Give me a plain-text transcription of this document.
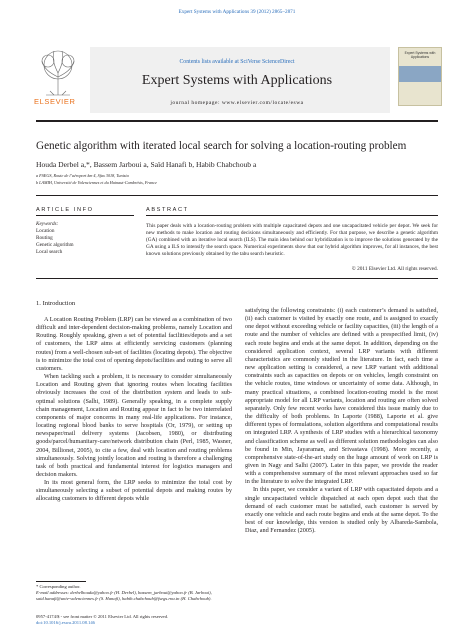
Expert Systems with Applications 39 (2012) 2865–2871
ELSEVIER
Contents lists available at SciVerse ScienceDirect
Expert Systems with Applications
journal homepage: www.elsevier.com/locate/eswa
Expert Systems with Applications
Genetic algorithm with iterated local search for solving a location-routing problem
Houda Derbel a,*, Bassem Jarboui a, Saïd Hanafi b, Habib Chabchoub a
a FSEGS, Route de l’aéroport km 4, Sfax 3018, Tunisia
b LAMIH, Université de Valenciennes et du Hainaut-Cambrésis, France
ARTICLE INFO
Keywords:
Location
Routing
Genetic algorithm
Local search
ABSTRACT
This paper deals with a location-routing problem with multiple capacitated depots and one uncapacitated vehicle per depot. We seek for new methods to make location and routing decisions simultaneously and efficiently. For that purpose, we describe a genetic algorithm (GA) combined with an iterative local search (ILS). The main idea behind our hybridization is to improve the solutions generated by the GA using a ILS to intensify the search space. Numerical experiments show that our hybrid algorithm improves, for all instances, the best known solutions previously obtained by the tabu search heuristic.
© 2011 Elsevier Ltd. All rights reserved.
1. Introduction

A Location Routing Problem (LRP) can be viewed as a combination of two difficult and inter-dependent decision-making problems, namely Location and Routing. Roughly speaking, given a set of potential facilities/depots and a set of customers, the LRP aims at efficiently servicing customers (planning routes) from a well-chosen sub-set of facilities (locating depots). The objective is to minimize the total cost of opening depots/facilities and outing to serve all customers.

When tackling such a problem, it is necessary to consider simultaneously Location and Routing given that ignoring routes when locating facilities obviously increases the cost of the distribution system and leads to sub-optimal solutions (Salhi, 1989). Generally speaking, in a complete supply chain management, Location and Routing appear in fact to be two interrelated components of major concerns in many real-life applications. For instance, locating regional blood banks to serve hospitals (Or, 1979), or setting up newspaper/mail delivery systems (Jacobsen, 1980), or distributing goods/parcel/humanitary-care/network distribution chain (Perl, 1985, Wasner, 2004, Billionet, 2005), to cite a few, deal with location and routing problems simultaneously. Solving jointly location and routing is therefore a challenging task of both practical and fundamental interest for logistics managers and decision makers.

In its most general form, the LRP seeks to minimize the total cost by simultaneously selecting a subset of potential depots and making routes by allocating customers to different depots while

* Corresponding author.
E-mail addresses: derbelhouda@yahoo.fr (H. Derbel), bassem_jarboui@yahoo.fr (B. Jarboui), said.hanafi@univ-valenciennes.fr (S. Hanafi), habib.chabchoub@fsegs.rnu.tn (H. Chabchoub).
0957-4174/$ - see front matter © 2011 Elsevier Ltd. All rights reserved.
doi:10.1016/j.eswa.2011.08.146

satisfying the following constraints: (i) each customer’s demand is satisfied, (ii) each customer is visited by exactly one route, and is assigned to exactly one depot without exceeding vehicle or facility capacities, (iii) the length of a route and the number of vehicles are defined with a prespecified limit, (iv) each route begins and ends at the same depot. In addition, depending on the considered application context, several LRP variants with different characteristics are commonly studied in the literature. In fact, each time a new application setting is considered, a new LRP variant with additional constraints such as capacities on depots or on vehicles, length constraint on the vehicle routes, time windows or uncertainty of some data. Although, in many practical situations, a combined location-routing model is the most appropriate model for all LRP variants, location and routing are often solved separately. Only few recent works have considered this issue mainly due to the difficulty of both problems. In Laporte (1988), Laporte et al. give different types of formulations, solution algorithms and computational results on integrated LRP. A synthesis of LRP studies with a hierarchical taxonomy and classification scheme as well as different solution methodologies can also be found in Min, Jayaraman, and Srivastava (1998). More recently, a comprehensive state-of-the-art study on the huge amount of work on LRP is given in Nagy and Salhi (2007). Later in this paper, we provide the reader with a comprehensive summary of the most relevant approaches used so far in the literature to solve the integrated LRP.

In this paper, we consider a variant of LRP with capacitated depots and a single uncapacitated vehicle dispatched at each open depot such that the demand of each customer must be satisfied, each customer is served by exactly one vehicle and each route begins and ends at the same depot. To the best of our knowledge, this version is studied only by Albareda-Sambola, Diaz, and Fernandez (2005).
